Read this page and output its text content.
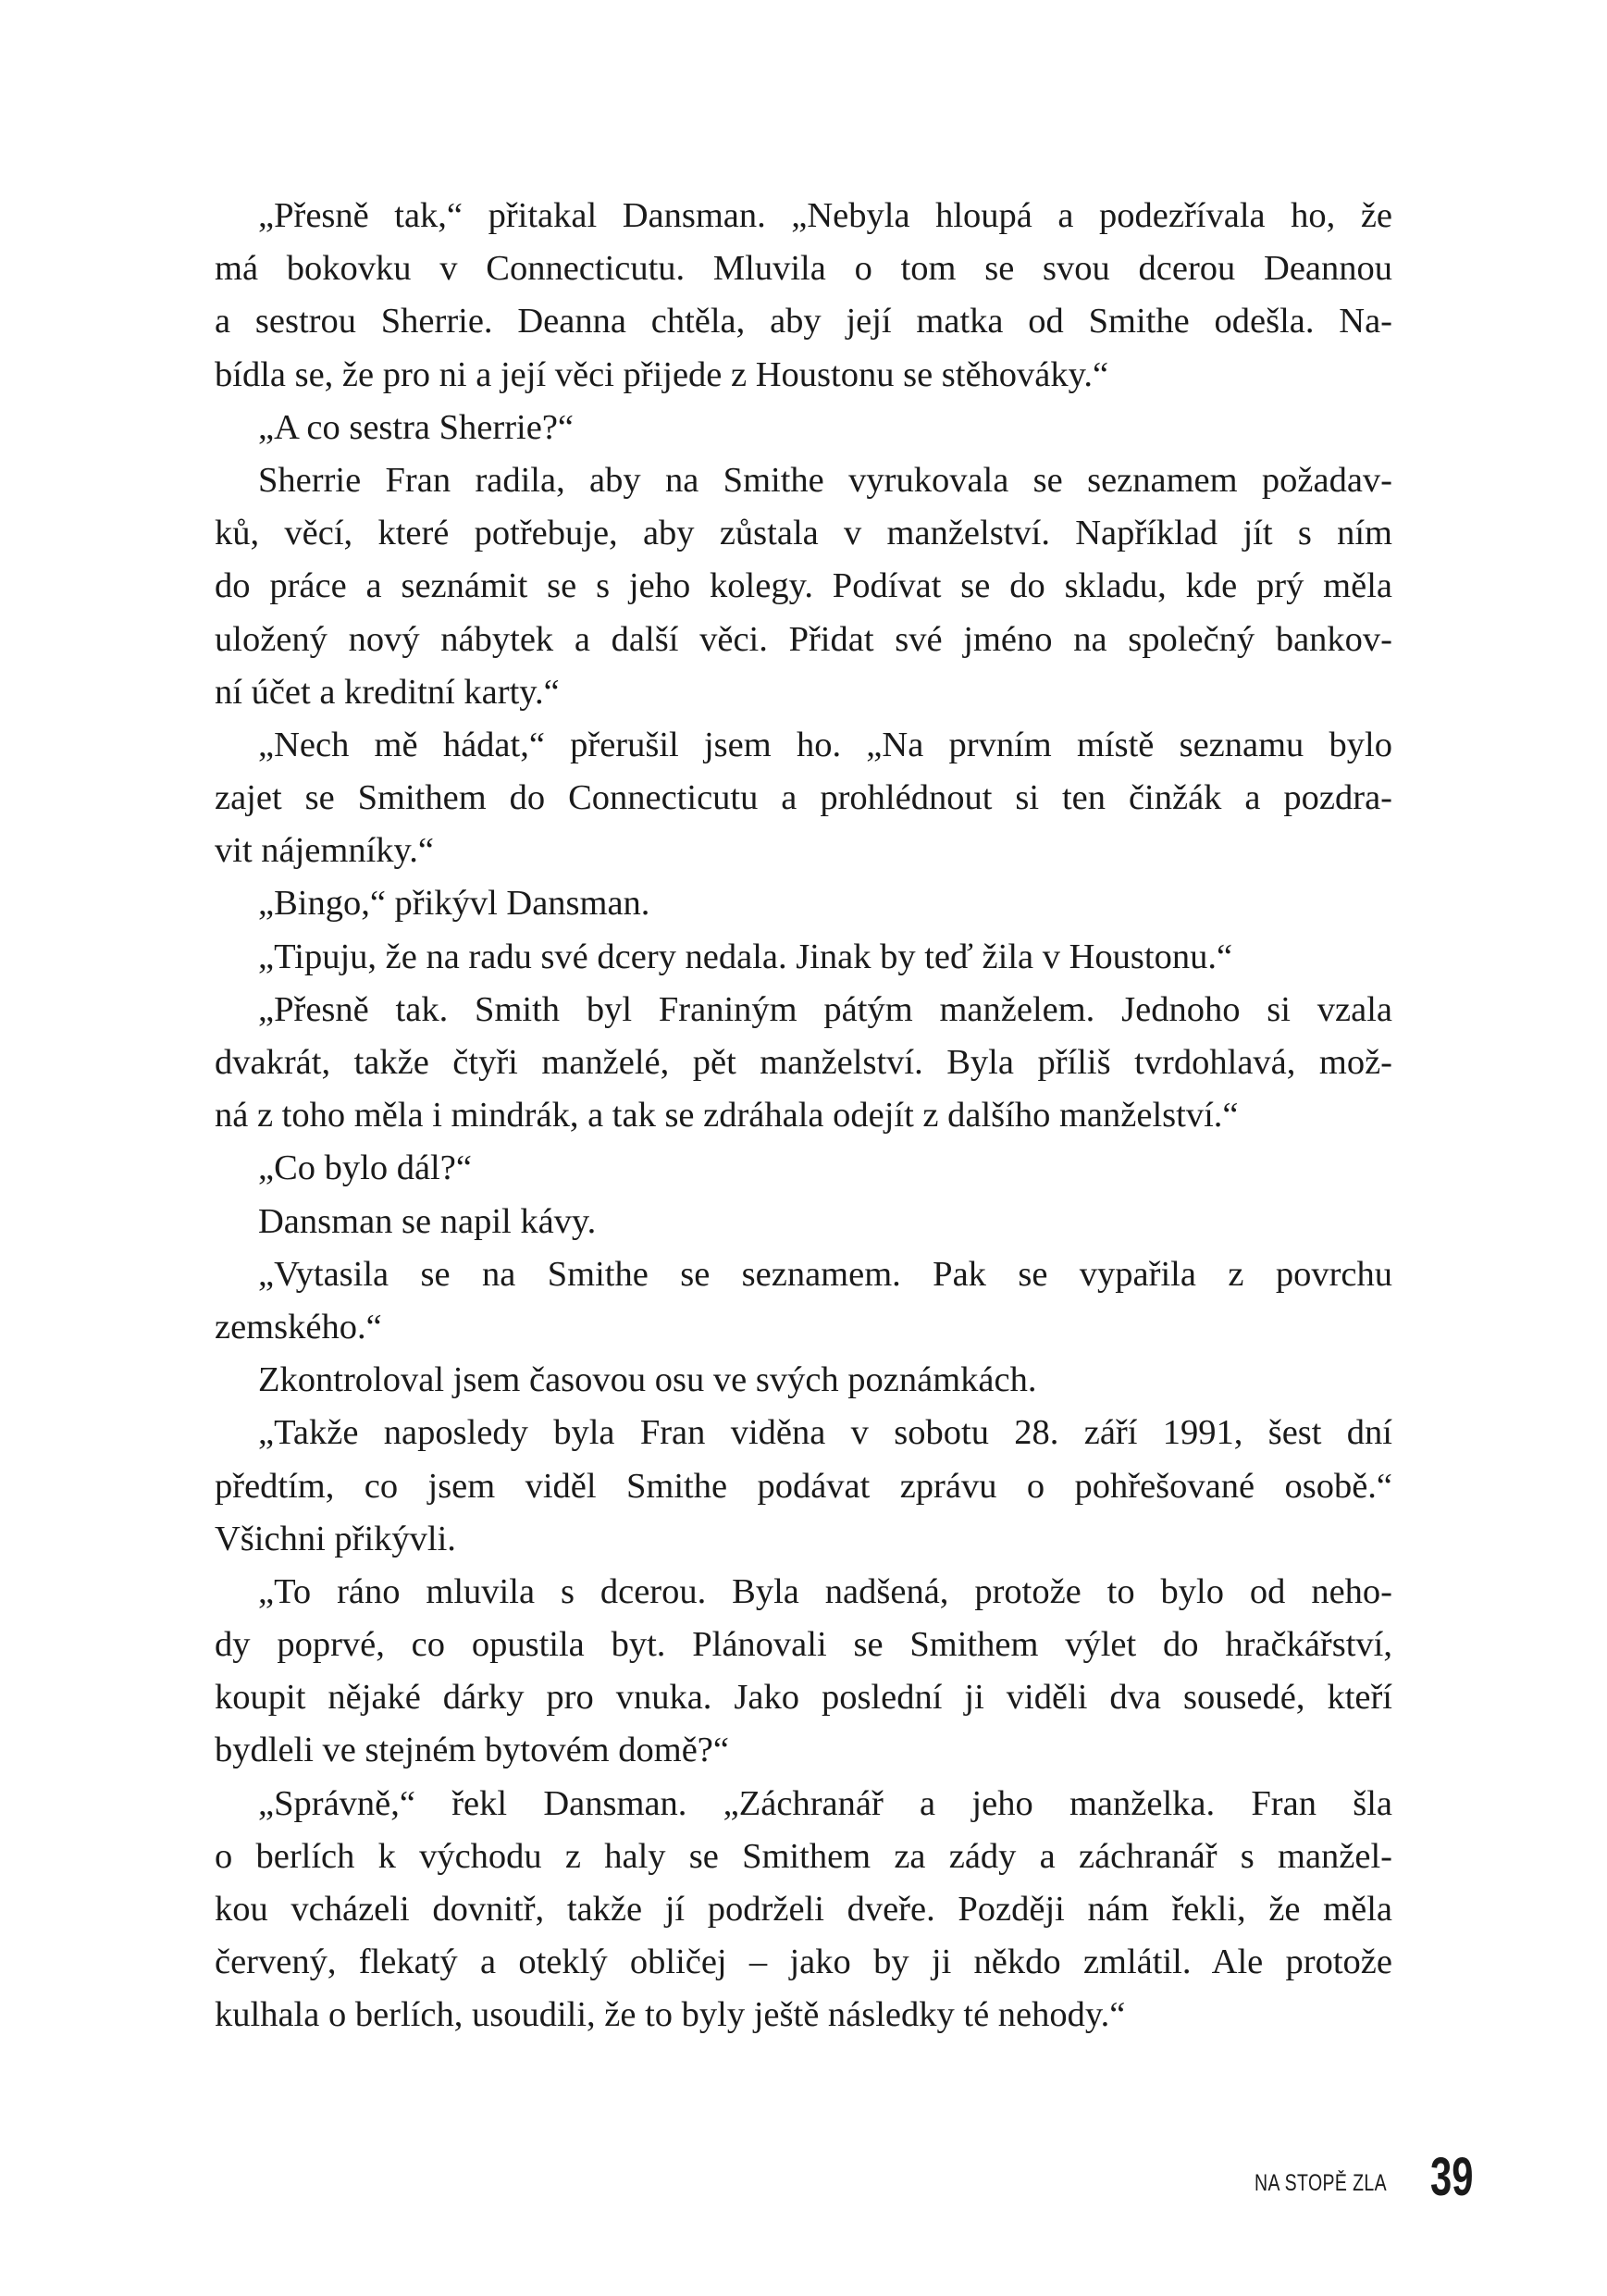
„Přesně tak,“ přitakal Dansman. „Nebyla hloupá a podezřívala ho, že
má bokovku v Connecticutu. Mluvila o tom se svou dcerou Deannou
a sestrou Sherrie. Deanna chtěla, aby její matka od Smithe odešla. Na-
bídla se, že pro ni a její věci přijede z Houstonu se stěhováky.“
„A co sestra Sherrie?“
Sherrie Fran radila, aby na Smithe vyrukovala se seznamem požadav-
ků, věcí, které potřebuje, aby zůstala v manželství. Například jít s ním
do práce a seznámit se s jeho kolegy. Podívat se do skladu, kde prý měla
uložený nový nábytek a další věci. Přidat své jméno na společný bankov-
ní účet a kreditní karty.“
„Nech mě hádat,“ přerušil jsem ho. „Na prvním místě seznamu bylo
zajet se Smithem do Connecticutu a prohlédnout si ten činžák a pozdra-
vit nájemníky.“
„Bingo,“ přikývl Dansman.
„Tipuju, že na radu své dcery nedala. Jinak by teď žila v Houstonu.“
„Přesně tak. Smith byl Franiným pátým manželem. Jednoho si vzala
dvakrát, takže čtyři manželé, pět manželství. Byla příliš tvrdohlavá, mož-
ná z toho měla i mindrák, a tak se zdráhala odejít z dalšího manželství.“
„Co bylo dál?“
Dansman se napil kávy.
„Vytasila se na Smithe se seznamem. Pak se vypařila z povrchu
zemského.“
Zkontroloval jsem časovou osu ve svých poznámkách.
„Takže naposledy byla Fran viděna v sobotu 28. září 1991, šest dní
předtím, co jsem viděl Smithe podávat zprávu o pohřešované osobě.“
Všichni přikývli.
„To ráno mluvila s dcerou. Byla nadšená, protože to bylo od neho-
dy poprvé, co opustila byt. Plánovali se Smithem výlet do hračkářství,
koupit nějaké dárky pro vnuka. Jako poslední ji viděli dva sousedé, kteří
bydleli ve stejném bytovém domě?“
„Správně,“ řekl Dansman. „Záchranář a jeho manželka. Fran šla
o berlích k východu z haly se Smithem za zády a záchranář s manžel-
kou vcházeli dovnitř, takže jí podrželi dveře. Později nám řekli, že měla
červený, flekatý a oteklý obličej – jako by ji někdo zmlátil. Ale protože
kulhala o berlích, usoudili, že to byly ještě následky té nehody.“
NA STOPĚ ZLA 39
